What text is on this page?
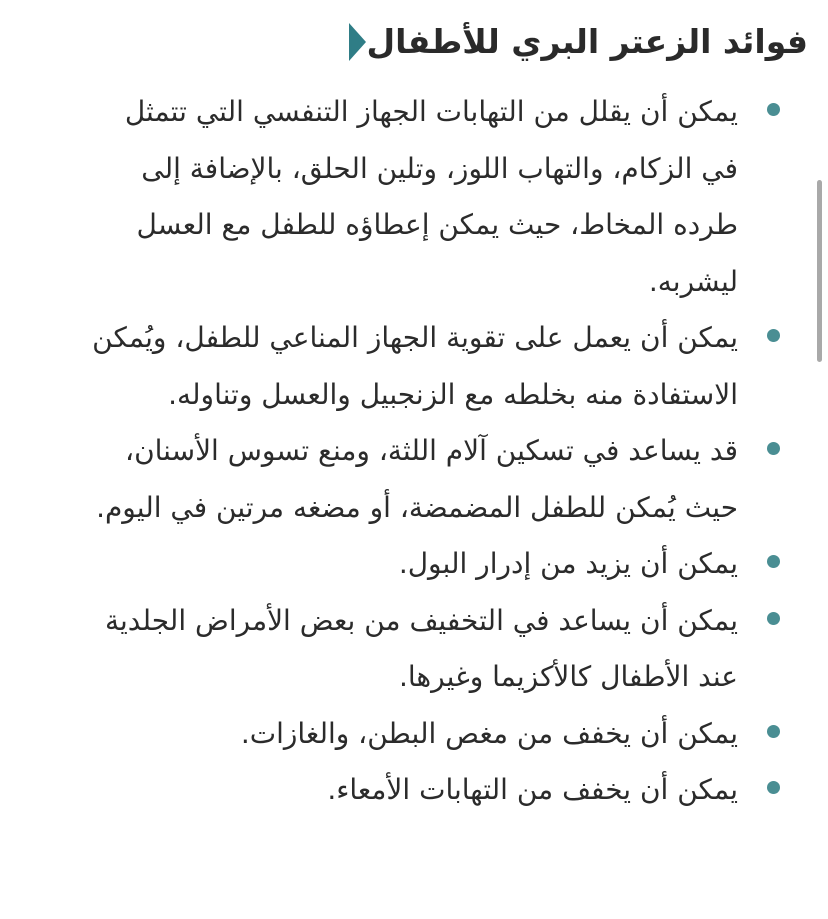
فوائد الزعتر البري للأطفال
يمكن أن يقلل من التهابات الجهاز التنفسي التي تتمثل في الزكام، والتهاب اللوز، وتلين الحلق، بالإضافة إلى طرده المخاط، حيث يمكن إعطاؤه للطفل مع العسل ليشربه.
يمكن أن يعمل على تقوية الجهاز المناعي للطفل، ويُمكن الاستفادة منه بخلطه مع الزنجبيل والعسل وتناوله.
قد يساعد في تسكين آلام اللثة، ومنع تسوس الأسنان، حيث يُمكن للطفل المضمضة، أو مضغه مرتين في اليوم.
يمكن أن يزيد من إدرار البول.
يمكن أن يساعد في التخفيف من بعض الأمراض الجلدية عند الأطفال كالأكزيما وغيرها.
يمكن أن يخفف من مغص البطن، والغازات.
يمكن أن يخفف من التهابات الأمعاء.
